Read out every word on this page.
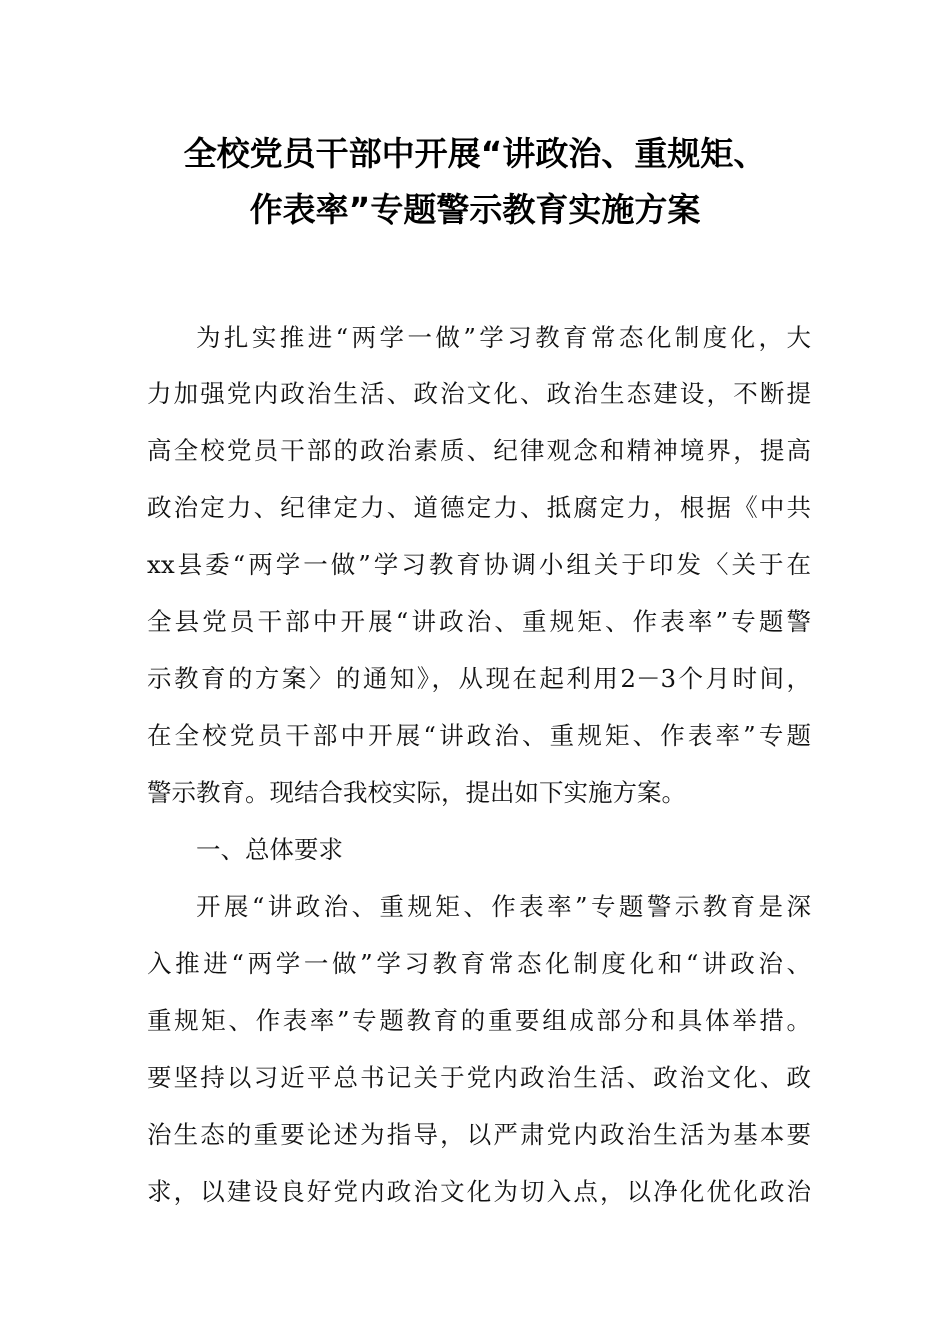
全校党员干部中开展“讲政治、重规矩、
作表率”专题警示教育实施方案
为扎实推进“两学一做”学习教育常态化制度化，大
力加强党内政治生活、政治文化、政治生态建设，不断提
高全校党员干部的政治素质、纪律观念和精神境界，提高
政治定力、纪律定力、道德定力、抵腐定力，根据《中共
xx县委“两学一做”学习教育协调小组关于印发〈关于在
全县党员干部中开展“讲政治、重规矩、作表率”专题警
示教育的方案〉的通知》，从现在起利用2－3个月时间，
在全校党员干部中开展“讲政治、重规矩、作表率”专题
警示教育。现结合我校实际，提出如下实施方案。
一、总体要求
开展“讲政治、重规矩、作表率”专题警示教育是深
入推进“两学一做”学习教育常态化制度化和“讲政治、
重规矩、作表率”专题教育的重要组成部分和具体举措。
要坚持以习近平总书记关于党内政治生活、政治文化、政
治生态的重要论述为指导，以严肃党内政治生活为基本要
求，以建设良好党内政治文化为切入点，以净化优化政治
